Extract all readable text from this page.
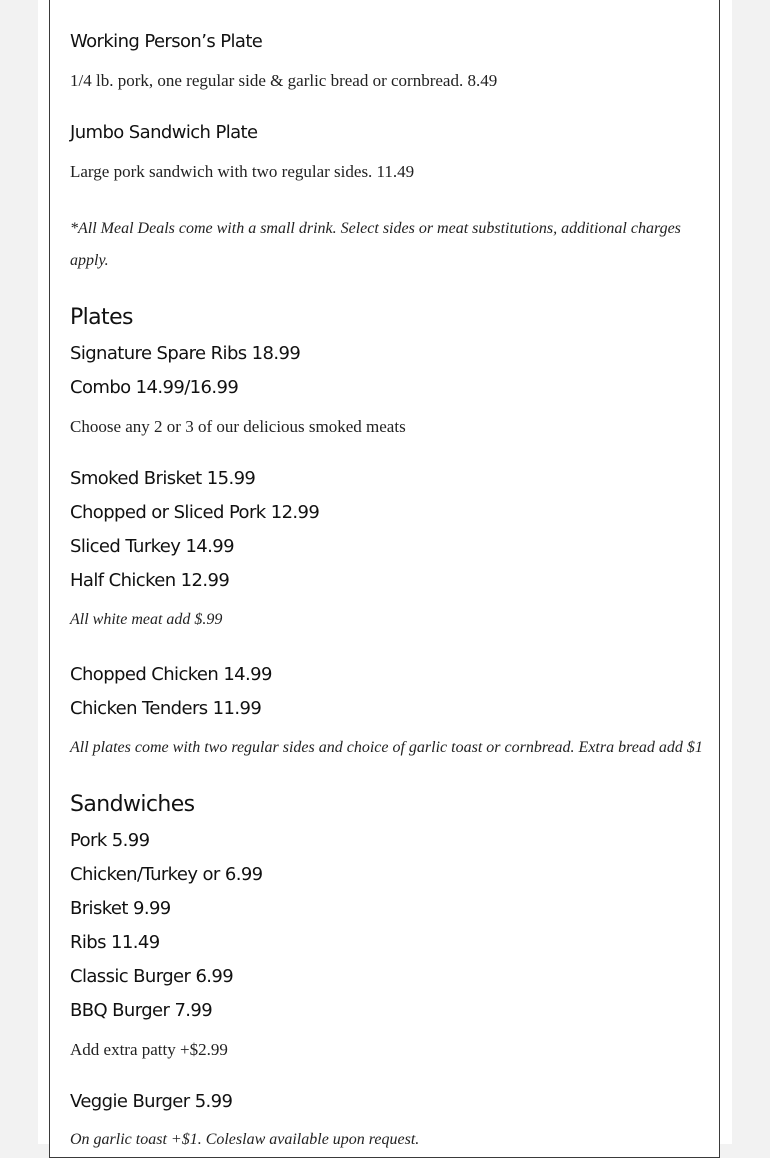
Working Person’s Plate
1/4 lb. pork, one regular side & garlic bread or cornbread. 8.49
Jumbo Sandwich Plate
Large pork sandwich with two regular sides. 11.49
*All Meal Deals come with a small drink. Select sides or meat substitutions, additional charges apply.
Plates
Signature Spare Ribs 18.99
Combo 14.99/16.99
Choose any 2 or 3 of our delicious smoked meats
Smoked Brisket 15.99
Chopped or Sliced Pork 12.99
Sliced Turkey 14.99
Half Chicken 12.99
All white meat add $.99
Chopped Chicken 14.99
Chicken Tenders 11.99
All plates come with two regular sides and choice of garlic toast or cornbread. Extra bread add $1
Sandwiches
Pork 5.99
Chicken/Turkey or 6.99
Brisket 9.99
Ribs 11.49
Classic Burger 6.99
BBQ Burger 7.99
Add extra patty +$2.99
Veggie Burger 5.99
On garlic toast +$1. Coleslaw available upon request.
